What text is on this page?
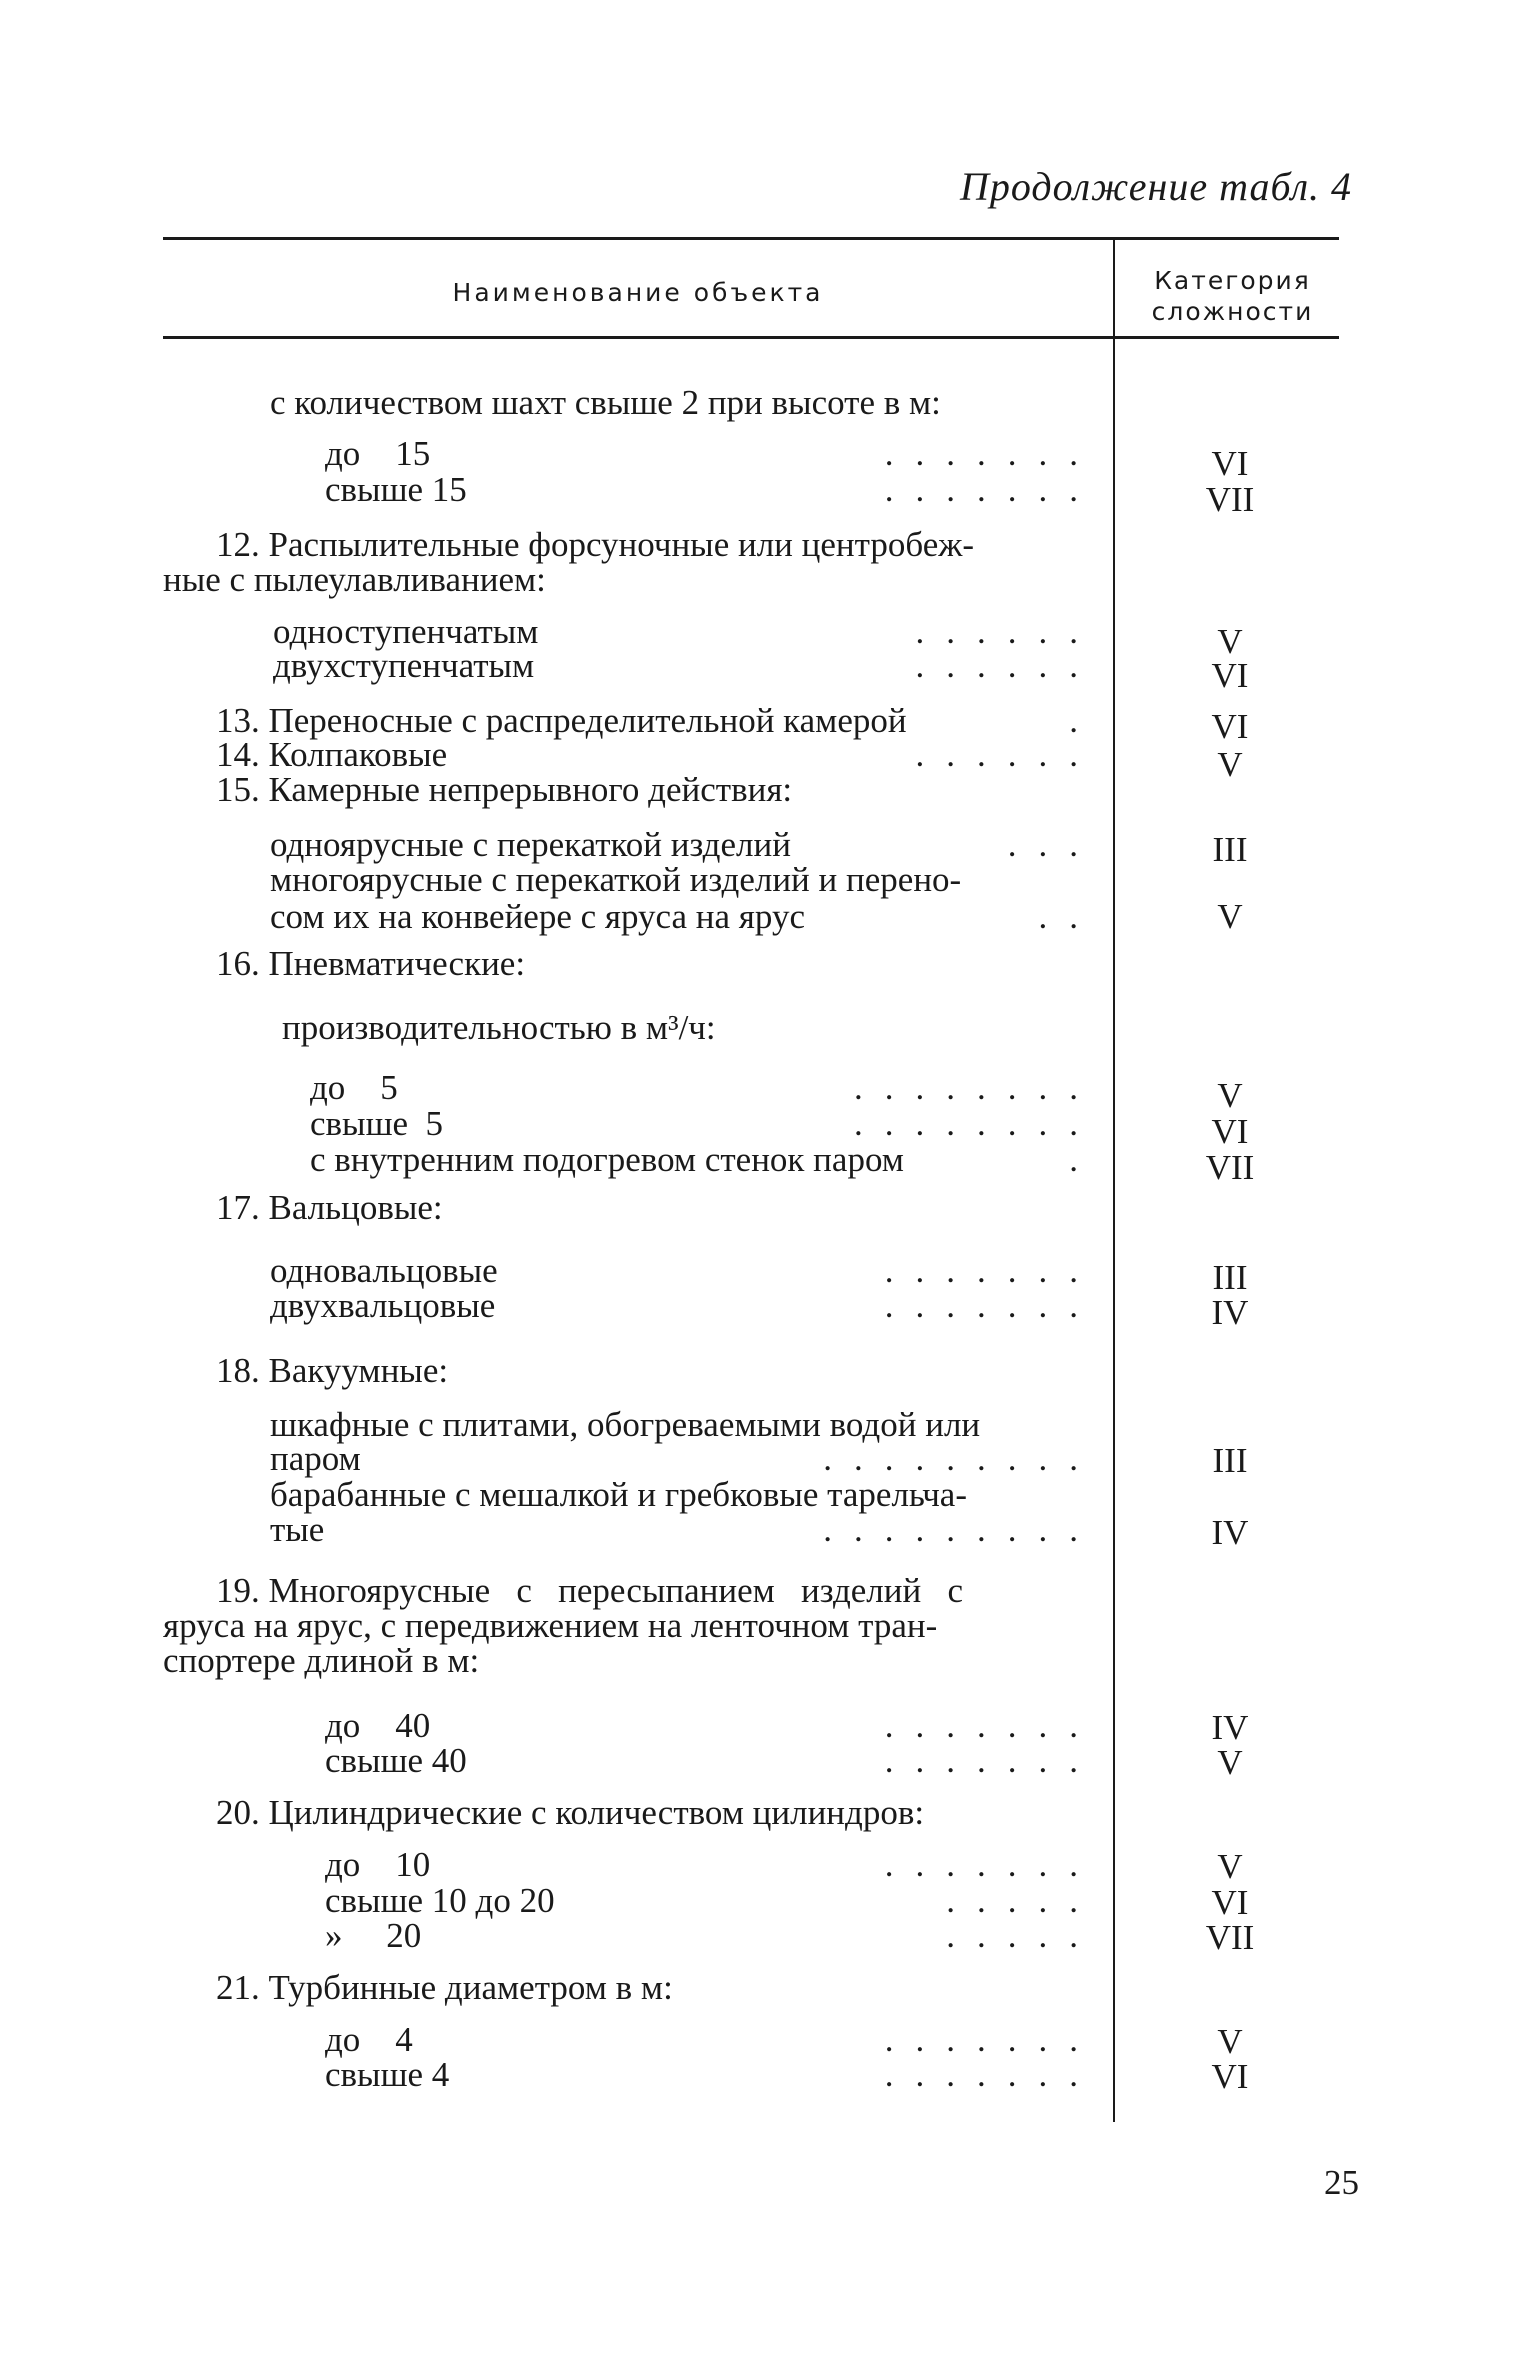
Продолжение табл. 4
Наименование объекта	Категория
сложности
с количеством шахт свыше 2 при высоте в м:
до    15	.......	VI
свыше 15	.......	VII
12. Распылительные форсуночные или центробеж-
ные с пылеулавливанием:
одноступенчатым	......	V
двухступенчатым	......	VI
13. Переносные с распределительной камерой	.	VI
14. Колпаковые	......	V
15. Камерные непрерывного действия:
одноярусные с перекаткой изделий	...	III
многоярусные с перекаткой изделий и перено-
сом их на конвейере с яруса на ярус	..	V
16. Пневматические:
производительностью в м³/ч:
до    5	........	V
свыше  5	........	VI
с внутренним подогревом стенок паром	.	VII
17. Вальцовые:
одновальцовые	.......	III
двухвальцовые	.......	IV
18. Вакуумные:
шкафные с плитами, обогреваемыми водой или
паром	.........	III
барабанные с мешалкой и гребковые тарельча-
тые	.........	IV
19. Многоярусные   с   пересыпанием   изделий   с
яруса на ярус, с передвижением на ленточном тран-
спортере длиной в м:
до    40	.......	IV
свыше 40	.......	V
20. Цилиндрические с количеством цилиндров:
до    10	.......	V
свыше 10 до 20	.....	VI
»     20	.....	VII
21. Турбинные диаметром в м:
до    4	.......	V
свыше 4	.......	VI
25
